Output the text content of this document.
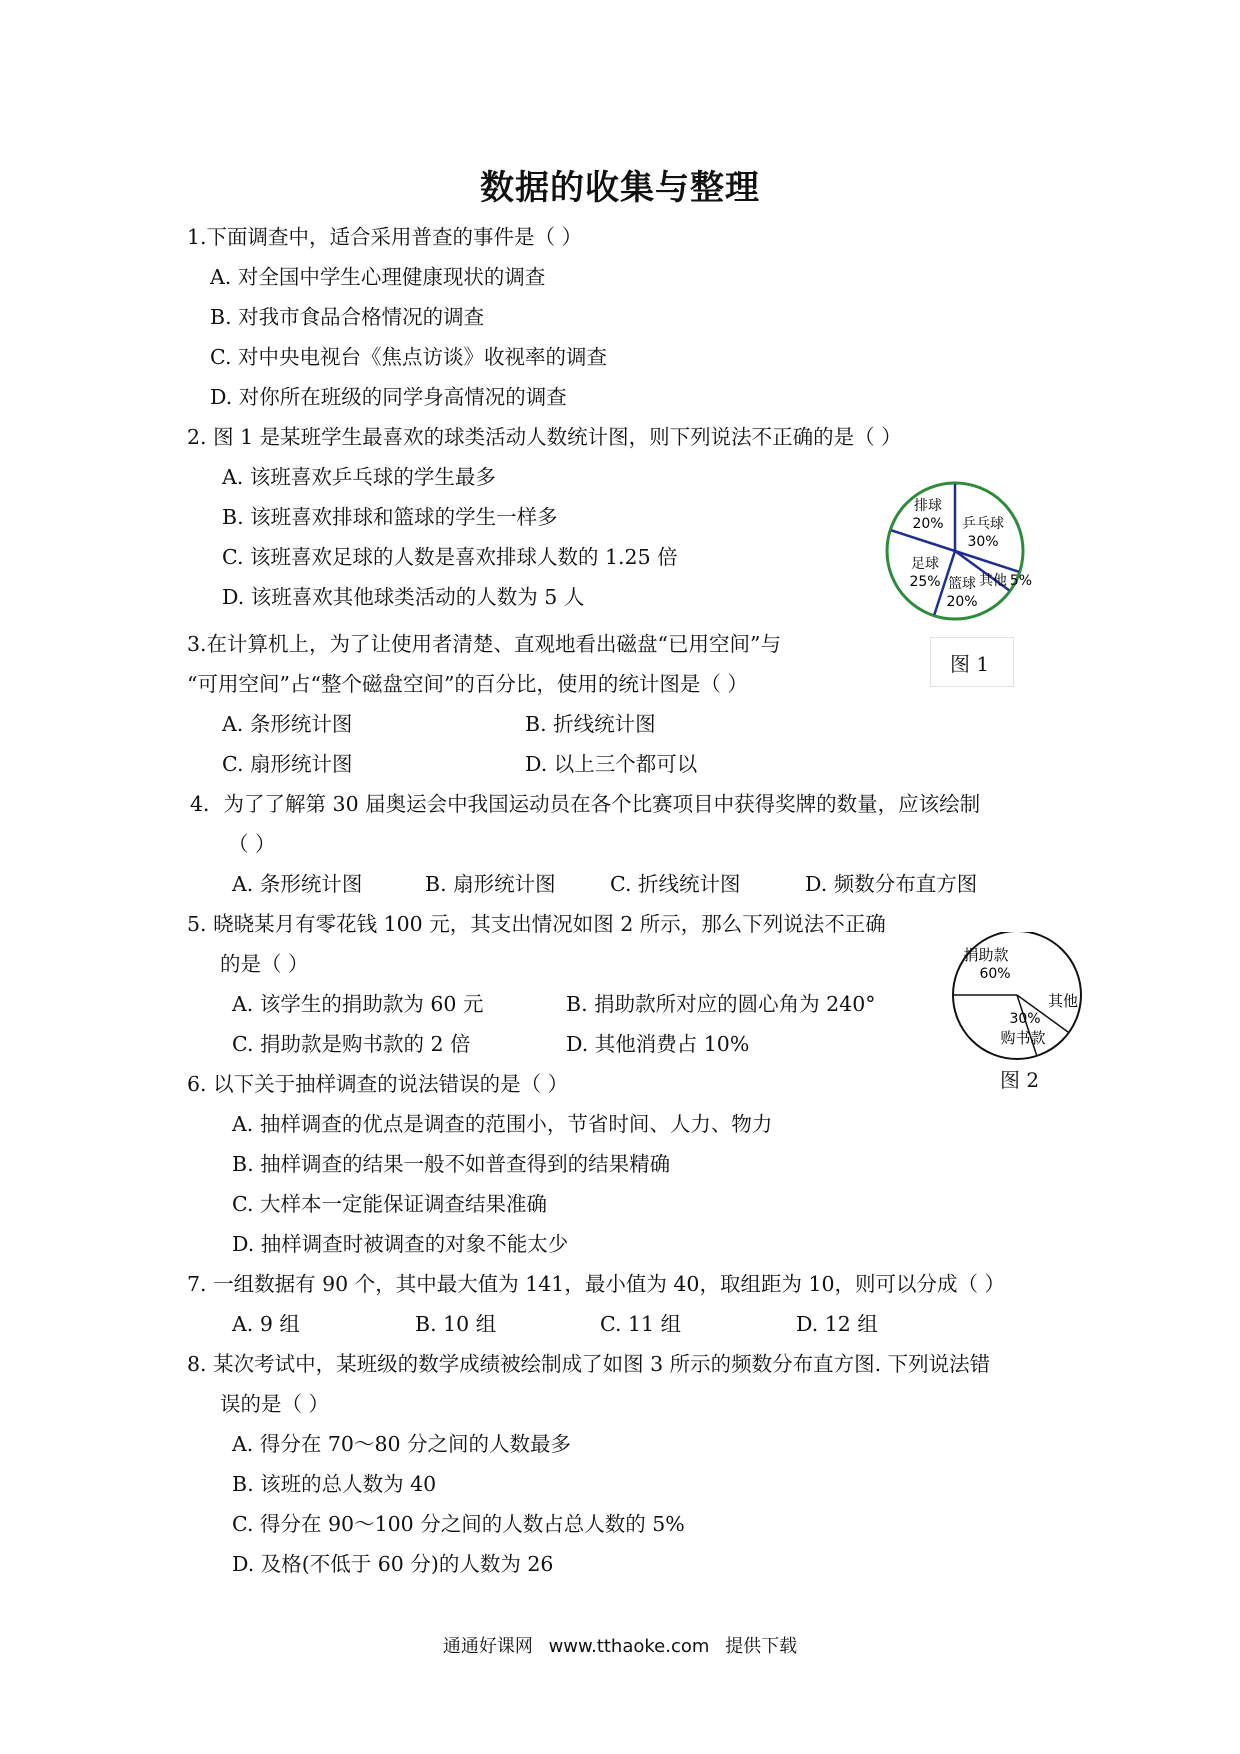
数据的收集与整理
1.下面调查中，适合采用普查的事件是（ ）
A. 对全国中学生心理健康现状的调查
B. 对我市食品合格情况的调查
C. 对中央电视台《焦点访谈》收视率的调查
D. 对你所在班级的同学身高情况的调查
2. 图 1 是某班学生最喜欢的球类活动人数统计图，则下列说法不正确的是（ ）
A. 该班喜欢乒乓球的学生最多
B. 该班喜欢排球和篮球的学生一样多
C. 该班喜欢足球的人数是喜欢排球人数的 1.25 倍
D. 该班喜欢其他球类活动的人数为 5 人
排球
20% 乒乓球
30%
足球
25% 篮球
20%
其他 5%
图 1
3.在计算机上，为了让使用者清楚、直观地看出磁盘“已用空间”与
“可用空间”占“整个磁盘空间”的百分比，使用的统计图是（ ）
A. 条形统计图	B. 折线统计图
C. 扇形统计图	D. 以上三个都可以
4．为了了解第 30 届奥运会中我国运动员在各个比赛项目中获得奖牌的数量，应该绘制
（ ）
A. 条形统计图	B. 扇形统计图	C. 折线统计图	D. 频数分布直方图
5. 晓晓某月有零花钱 100 元，其支出情况如图 2 所示，那么下列说法不正确
的是（ ）
A. 该学生的捐助款为 60 元	B. 捐助款所对应的圆心角为 240°
C. 捐助款是购书款的 2 倍	D. 其他消费占 10%
捐助款
60%
其他
30%
购书款
图 2
6. 以下关于抽样调查的说法错误的是（ ）
A. 抽样调查的优点是调查的范围小，节省时间、人力、物力
B. 抽样调查的结果一般不如普查得到的结果精确
C. 大样本一定能保证调查结果准确
D. 抽样调查时被调查的对象不能太少
7. 一组数据有 90 个，其中最大值为 141，最小值为 40，取组距为 10，则可以分成（ ）
A. 9 组	B. 10 组	C. 11 组	D. 12 组
8. 某次考试中，某班级的数学成绩被绘制成了如图 3 所示的频数分布直方图. 下列说法错
误的是（ ）
A. 得分在 70～80 分之间的人数最多
B. 该班的总人数为 40
C. 得分在 90～100 分之间的人数占总人数的 5%
D. 及格(不低于 60 分)的人数为 26
通通好课网 www.tthaoke.com 提供下载
